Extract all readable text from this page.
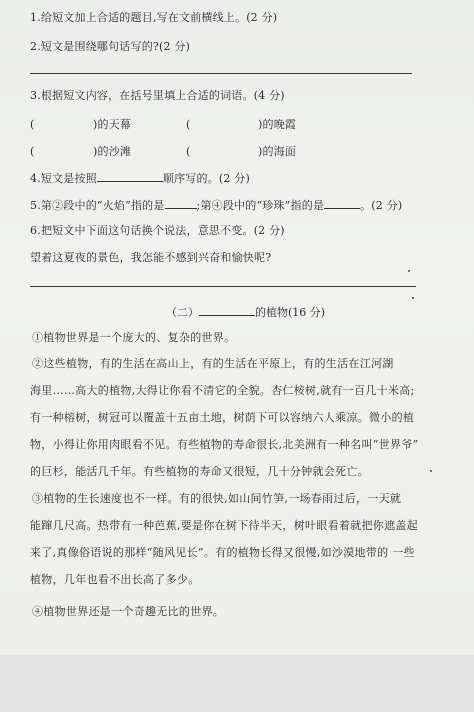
1.给短文加上合适的题目,写在文前横线上。(2 分)
2.短文是围绕哪句话写的?(2 分)
3.根据短文内容，在括号里填上合适的词语。(4 分)
(	)的天幕	(	)的晚霞
(	)的沙滩	(	)的海面
4.短文是按照	顺序写的。(2 分)
5.第②段中的“火焰”指的是	;第④段中的“珍珠”指的是	。(2 分)
6.把短文中下面这句话换个说法，意思不变。(2 分)
望着这夏夜的景色，我怎能不感到兴奋和愉快呢?
（二）	的植物(16 分)
①植物世界是一个庞大的、复杂的世界。
②这些植物，有的生活在高山上，有的生活在平原上，有的生活在江河湖
海里……高大的植物,大得让你看不清它的全貌。杏仁桉树,就有一百几十米高;
有一种榕树，树冠可以覆盖十五亩土地，树荫下可以容纳六人乘凉。微小的植
物，小得让你用肉眼看不见。有些植物的寿命很长,北美洲有一种名叫“世界爷”
的巨杉，能活几千年。有些植物的寿命又很短，几十分钟就会死亡。
③植物的生长速度也不一样。有的很快,如山间竹笋,一场春雨过后，一天就
能蹿几尺高。热带有一种芭蕉,要是你在树下待半天，树叶眼看着就把你遮盖起
来了,真像俗语说的那样“随风见长”。有的植物长得又很慢,如沙漠地带的 一些
植物，几年也看不出长高了多少。
④植物世界还是一个奇趣无比的世界。
